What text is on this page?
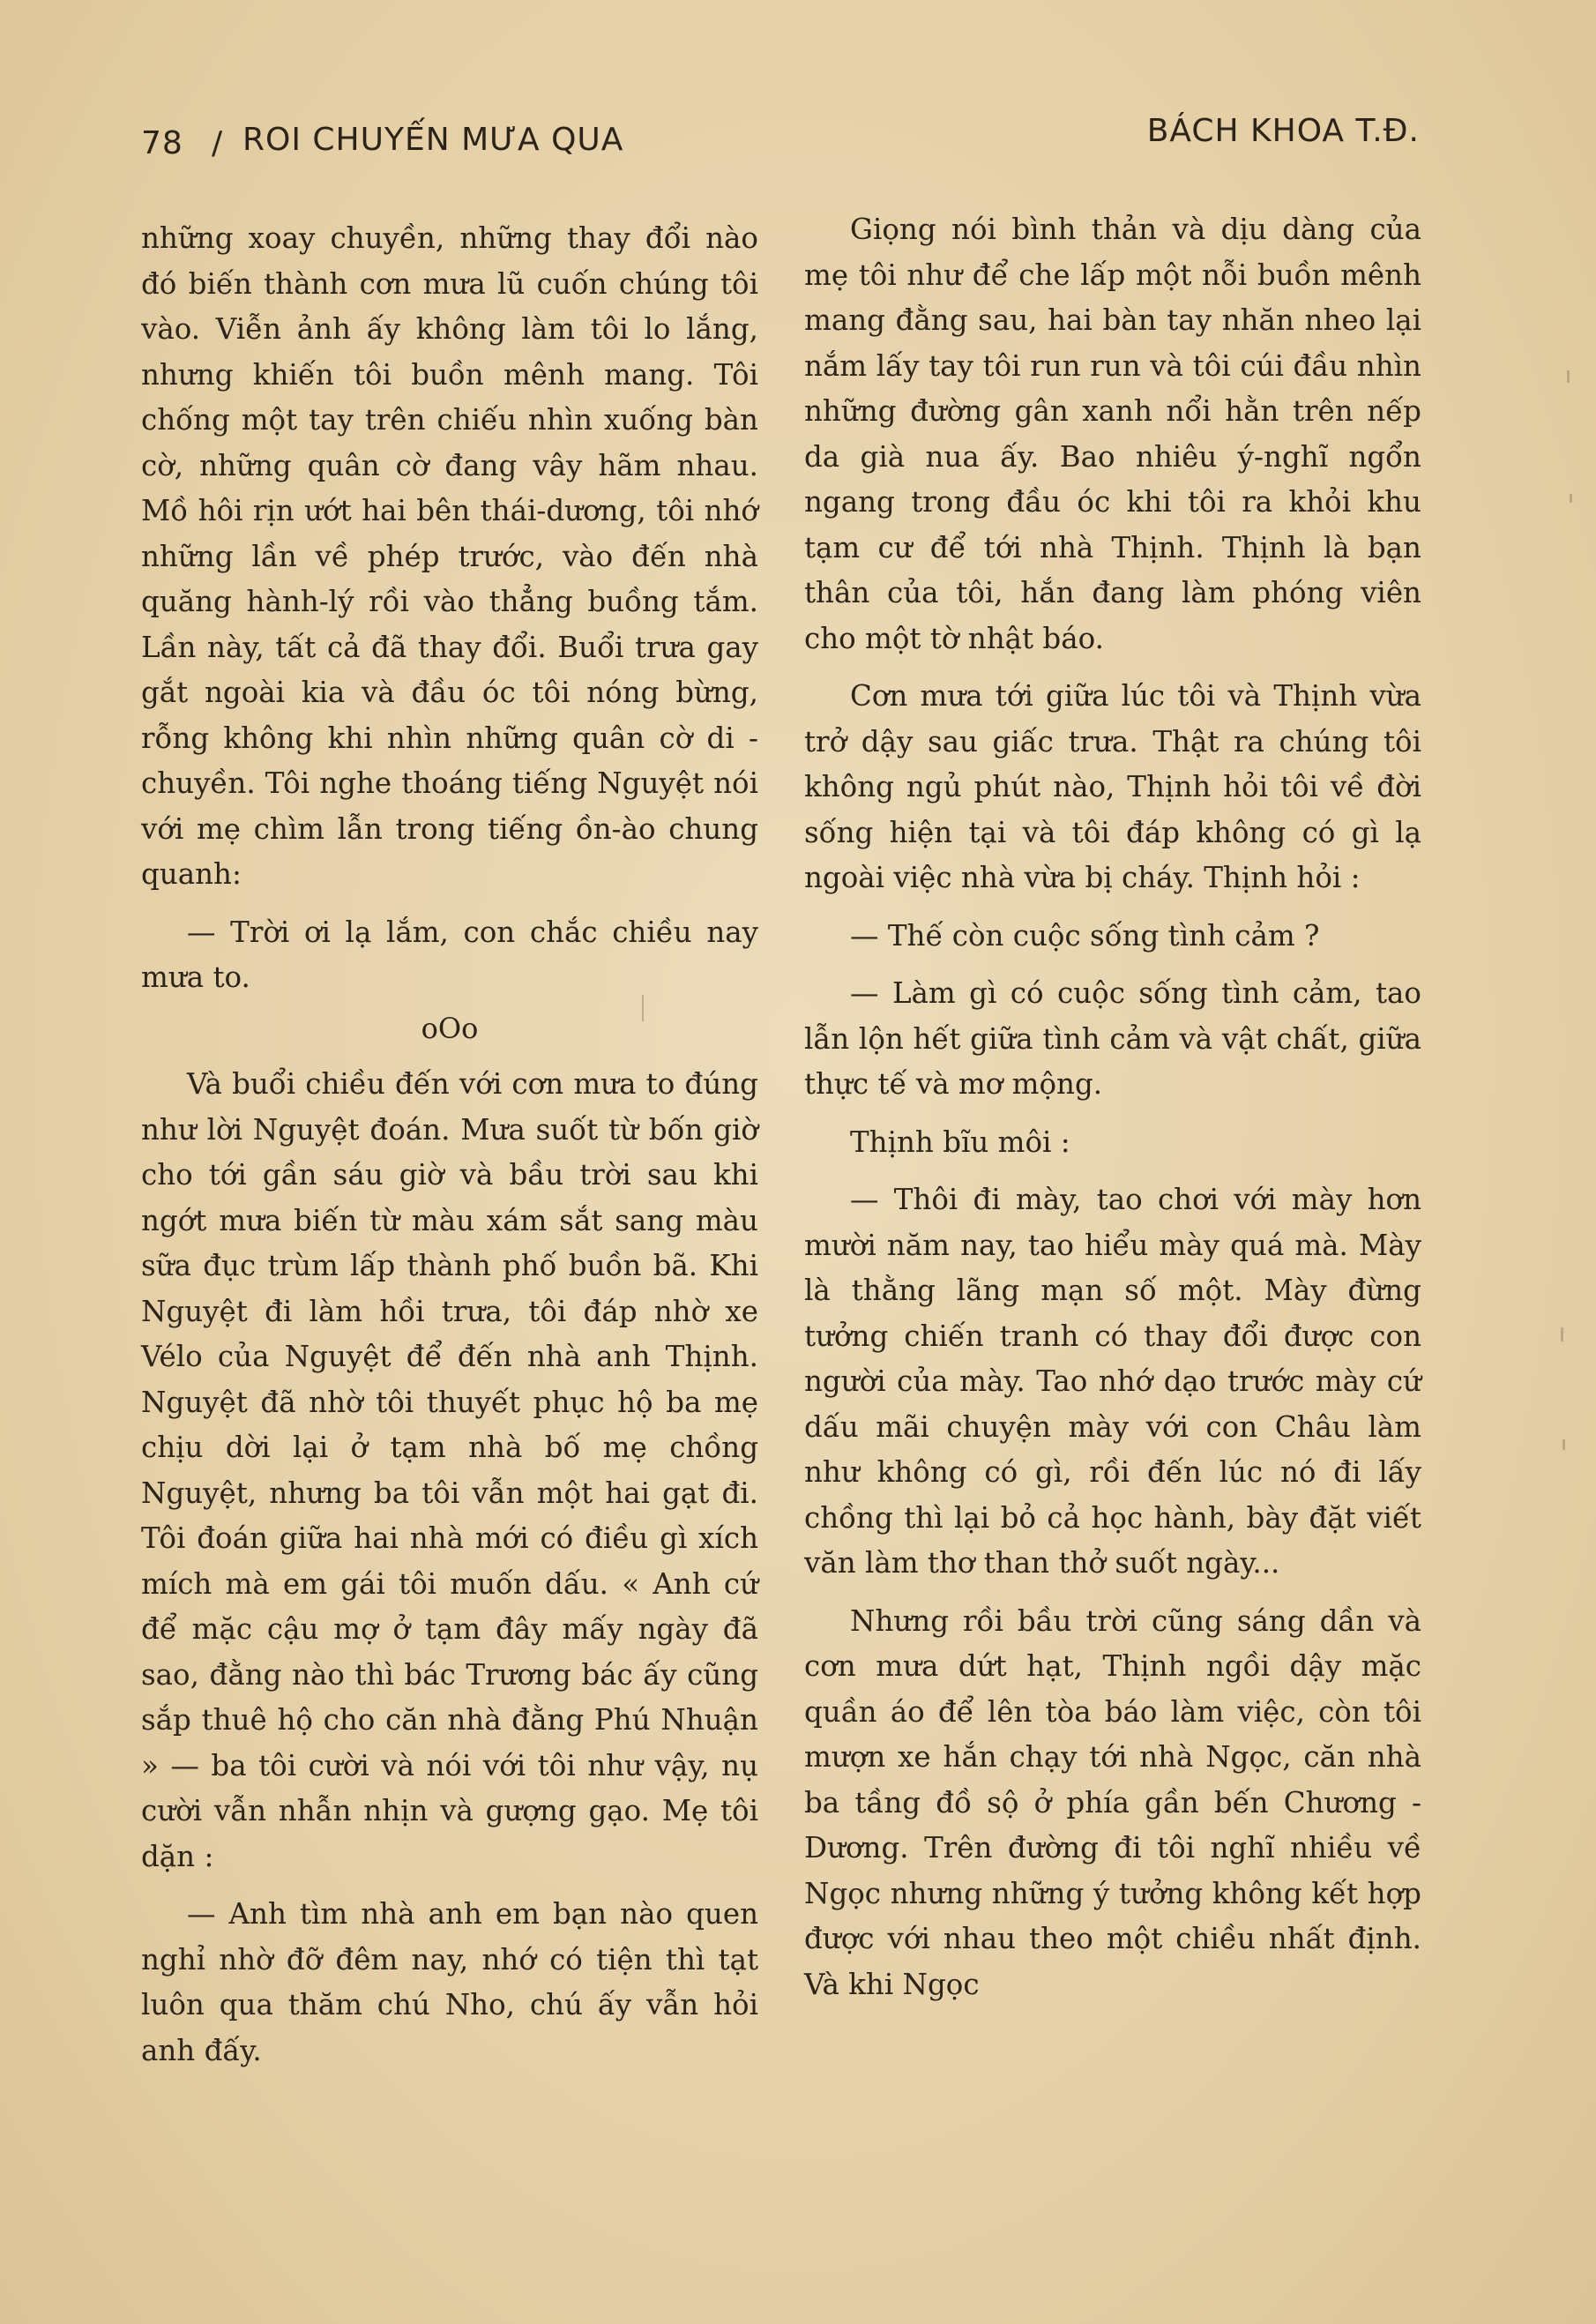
78 / ROI CHUYẾN MƯA QUA	BÁCH KHOA T.Đ.

những xoay chuyền, những thay đổi nào đó biến thành cơn mưa lũ cuốn chúng tôi vào. Viễn ảnh ấy không làm tôi lo lắng, nhưng khiến tôi buồn mênh mang. Tôi chống một tay trên chiếu nhìn xuống bàn cờ, những quân cờ đang vây hãm nhau. Mồ hôi rịn ướt hai bên thái-dương, tôi nhớ những lần về phép trước, vào đến nhà quăng hành-lý rồi vào thẳng buồng tắm. Lần này, tất cả đã thay đổi. Buổi trưa gay gắt ngoài kia và đầu óc tôi nóng bừng, rỗng không khi nhìn những quân cờ di - chuyền. Tôi nghe thoáng tiếng Nguyệt nói với mẹ chìm lẫn trong tiếng ồn-ào chung quanh:

— Trời ơi lạ lắm, con chắc chiều nay mưa to.

oOo

Và buổi chiều đến với cơn mưa to đúng như lời Nguyệt đoán. Mưa suốt từ bốn giờ cho tới gần sáu giờ và bầu trời sau khi ngớt mưa biến từ màu xám sắt sang màu sữa đục trùm lấp thành phố buồn bã. Khi Nguyệt đi làm hồi trưa, tôi đáp nhờ xe Vélo của Nguyệt để đến nhà anh Thịnh. Nguyệt đã nhờ tôi thuyết phục hộ ba mẹ chịu dời lại ở tạm nhà bố mẹ chồng Nguyệt, nhưng ba tôi vẫn một hai gạt đi. Tôi đoán giữa hai nhà mới có điều gì xích mích mà em gái tôi muốn dấu. « Anh cứ để mặc cậu mợ ở tạm đây mấy ngày đã sao, đằng nào thì bác Trương bác ấy cũng sắp thuê hộ cho căn nhà đằng Phú Nhuận » — ba tôi cười và nói với tôi như vậy, nụ cười vẫn nhẫn nhịn và gượng gạo. Mẹ tôi dặn :

— Anh tìm nhà anh em bạn nào quen nghỉ nhờ đỡ đêm nay, nhớ có tiện thì tạt luôn qua thăm chú Nho, chú ấy vẫn hỏi anh đấy.

Giọng nói bình thản và dịu dàng của mẹ tôi như để che lấp một nỗi buồn mênh mang đằng sau, hai bàn tay nhăn nheo lại nắm lấy tay tôi run run và tôi cúi đầu nhìn những đường gân xanh nổi hằn trên nếp da già nua ấy. Bao nhiêu ý-nghĩ ngổn ngang trong đầu óc khi tôi ra khỏi khu tạm cư để tới nhà Thịnh. Thịnh là bạn thân của tôi, hắn đang làm phóng viên cho một tờ nhật báo.

Cơn mưa tới giữa lúc tôi và Thịnh vừa trở dậy sau giấc trưa. Thật ra chúng tôi không ngủ phút nào, Thịnh hỏi tôi về đời sống hiện tại và tôi đáp không có gì lạ ngoài việc nhà vừa bị cháy. Thịnh hỏi :

— Thế còn cuộc sống tình cảm ?

— Làm gì có cuộc sống tình cảm, tao lẫn lộn hết giữa tình cảm và vật chất, giữa thực tế và mơ mộng.

Thịnh bĩu môi :

— Thôi đi mày, tao chơi với mày hơn mười năm nay, tao hiểu mày quá mà. Mày là thằng lãng mạn số một. Mày đừng tưởng chiến tranh có thay đổi được con người của mày. Tao nhớ dạo trước mày cứ dấu mãi chuyện mày với con Châu làm như không có gì, rồi đến lúc nó đi lấy chồng thì lại bỏ cả học hành, bày đặt viết văn làm thơ than thở suốt ngày...

Nhưng rồi bầu trời cũng sáng dần và cơn mưa dứt hạt, Thịnh ngồi dậy mặc quần áo để lên tòa báo làm việc, còn tôi mượn xe hắn chạy tới nhà Ngọc, căn nhà ba tầng đồ sộ ở phía gần bến Chương - Dương. Trên đường đi tôi nghĩ nhiều về Ngọc nhưng những ý tưởng không kết hợp được với nhau theo một chiều nhất định. Và khi Ngọc
